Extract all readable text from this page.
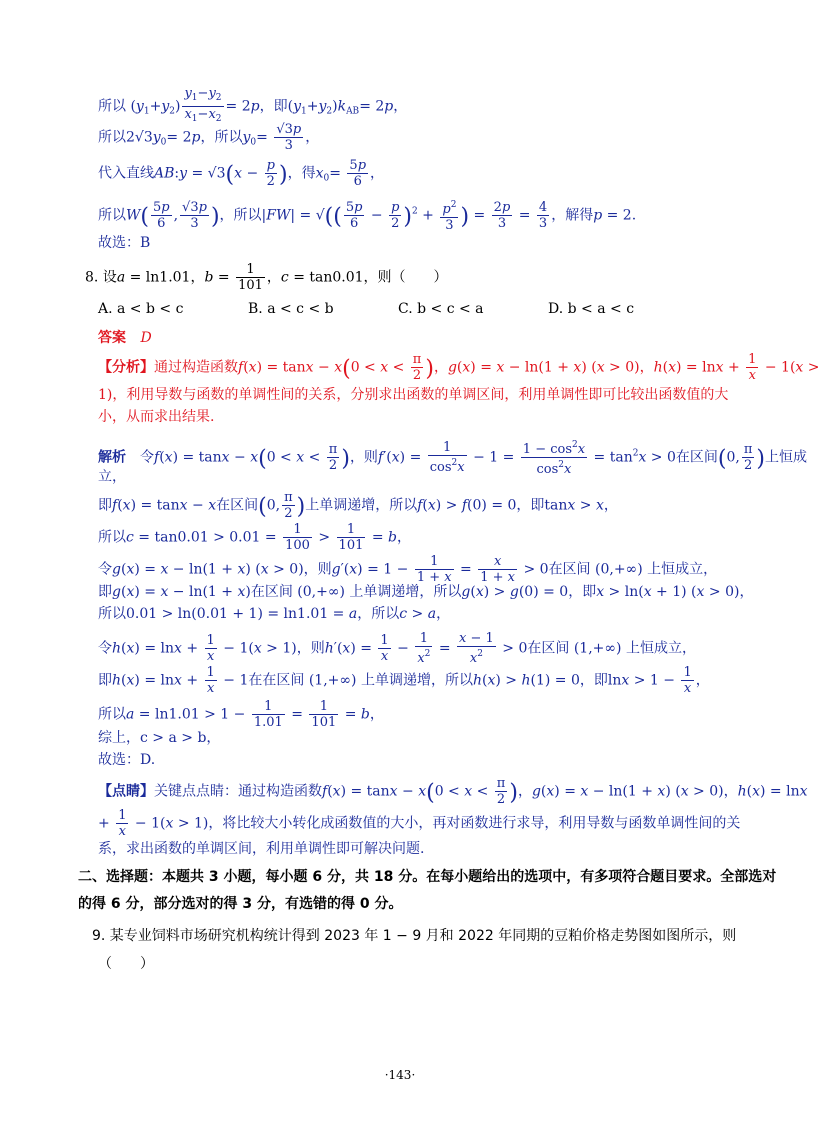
所以 $(y_1+y_2) \frac{y_1-y_2}{x_1-x_2} = 2p$，即$(y_1+y_2)k_{AB}= 2p$，
所以$2√3y_0= 2p$，所以$y_0= \frac{√3p}{3}$ ，
代入直线AB:y = $√3(x - \frac{p}{2}$ )，得$x_0= \frac{5p}{6}$ ，
所以$W( \frac{5p}{6}$ , $\frac{√3p}{3}$ )，所以|FW| = √(( $\frac{5p}{6} - \frac{p}{2} )^2 + \frac{p^2}{3}$ ) = $\frac{2p}{3} = \frac{4}{3}$ ，解得p = 2.
故选：B
8. 设a = ln1.01，$b = \frac{1}{101}$ ，c = tan0.01，则（　　）
A. a < b < c	B. a < c < b	C. b < c < a	D. b < a < c
答案 D
【分析】通过构造函数$f(x) = \tan x - x(0 < x < \frac{\pi}{2}$ )，g(x) = x − ln(1 + x) (x > 0)，$h(x) = \ln x + \frac{1}{x} - 1(x$ >
1)，利用导数与函数的单调性间的关系，分别求出函数的单调区间，利用单调性即可比较出函数值的大
小，从而求出结果.
解析　 令$f(x) = \tan x - x(0 < x < \frac{\pi}{2}$ )，则$f'(x) = \frac{1}{\cos^2x} - 1 = \frac{1 - \cos^2x}{\cos^2x} = \tan^2x > 0$在区间(0, $\frac{\pi}{2}$ )上恒成
立，
即f(x) = tanx − x在区间(0, $\frac{\pi}{2}$ )上单调递增，所以f(x) > f(0) = 0，即tanx > x，
所以$c = \tan 0.01 > 0.01 = \frac{1}{100} > \frac{1}{101} = b$，
令g(x) = x − ln(1 + x) (x > 0)，则$g'(x) = 1 - \frac{1}{1 + x} = \frac{x}{1 + x} > 0$在区间 (0,+∞) 上恒成立，
即g(x) = x − ln(1 + x)在区间 (0,+∞) 上单调递增，所以g(x) > g(0) = 0，即x > ln(x + 1) (x > 0)，
所以0.01 > ln(0.01 + 1) = ln1.01 = a，所以c > a，
令$h(x) = \ln x + \frac{1}{x} - 1(x > 1)$，则$h'(x) = \frac{1}{x} - \frac{1}{x^2} = \frac{x - 1}{x^2} > 0$在区间 (1,+∞) 上恒成立，
即$h(x) = \ln x + \frac{1}{x} - 1$在在区间 (1,+∞) 上单调递增，所以h(x) > h(1) = 0，即$\ln x > 1 - \frac{1}{x}$ ，
所以$a = \ln 1.01 > 1 - \frac{1}{1.01} = \frac{1}{101} = b$，
综上，c > a > b，
故选：D.
【点睛】关键点点睛：通过构造函数$f(x) = \tan x - x(0 < x < \frac{\pi}{2}$ )，g(x) = x − ln(1 + x) (x > 0)，h(x) = lnx
+ $\frac{1}{x} - 1(x > 1)$，将比较大小转化成函数值的大小，再对函数进行求导，利用导数与函数单调性间的关
系，求出函数的单调区间，利用单调性即可解决问题.
二、选择题：本题共 3 小题，每小题 6 分，共 18 分。在每小题给出的选项中，有多项符合题目要求。全部选对
的得 6 分，部分选对的得 3 分，有选错的得 0 分。
9. 某专业饲料市场研究机构统计得到 2023 年 1 − 9 月和 2022 年同期的豆粕价格走势图如图所示，则
（　　）
·143·
